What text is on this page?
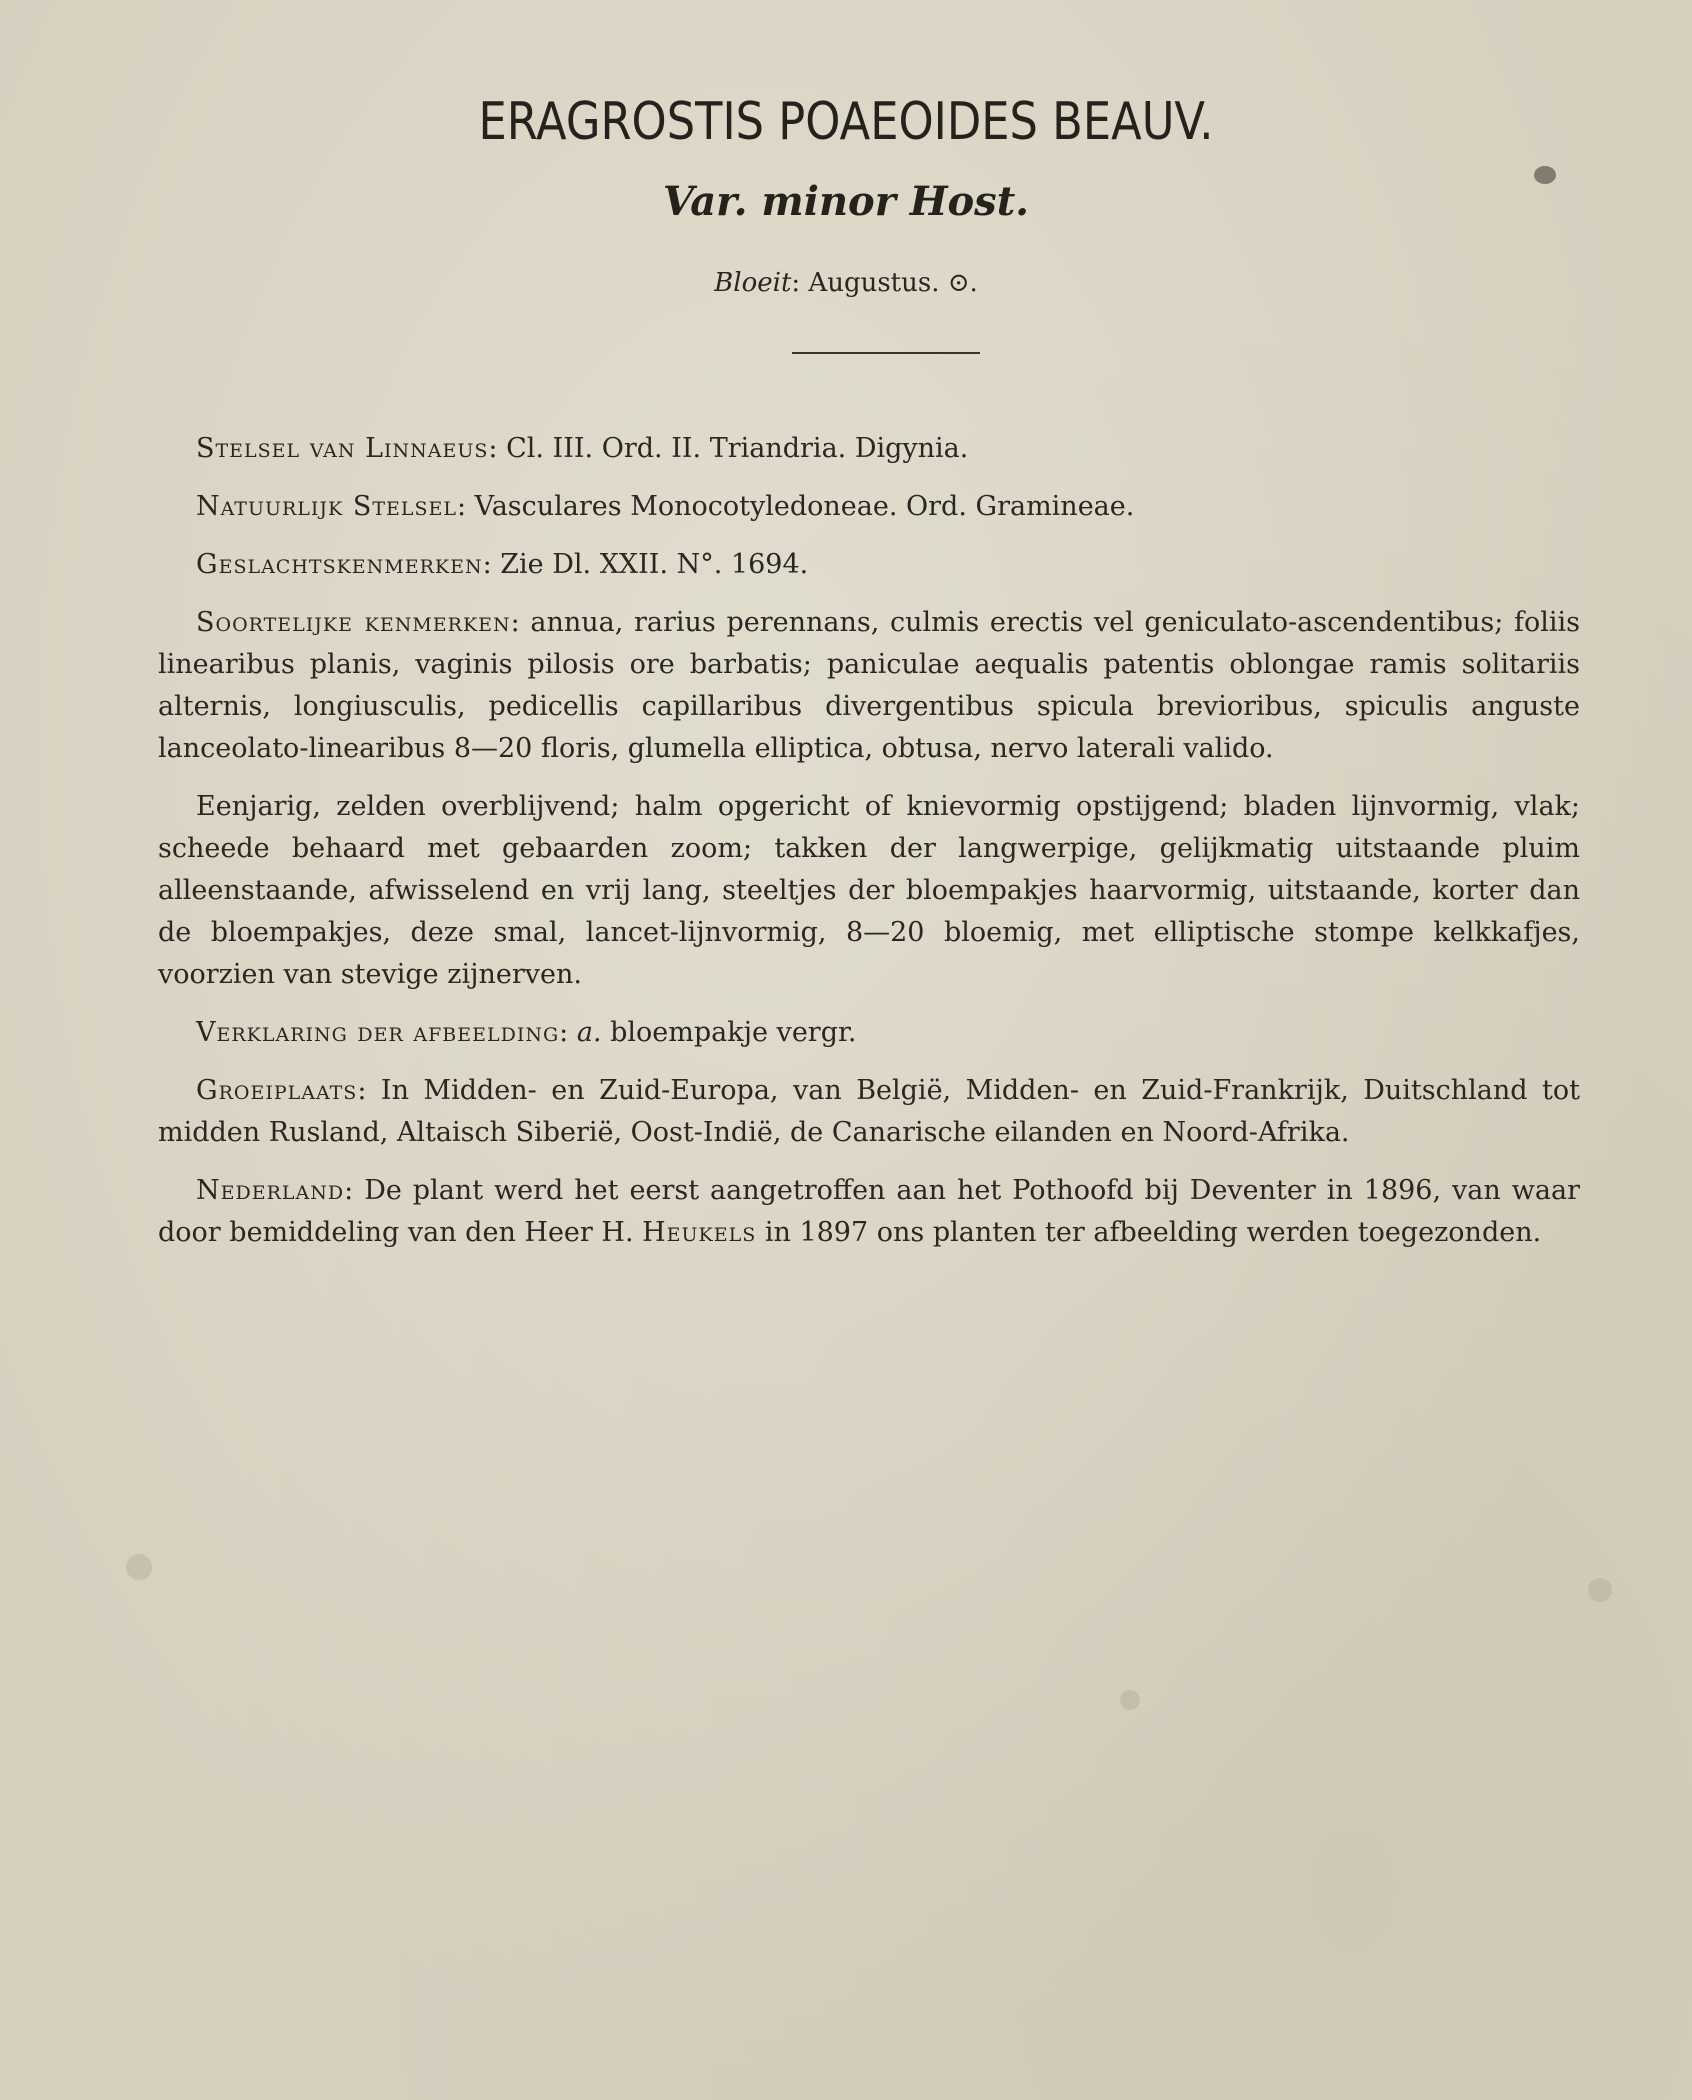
ERAGROSTIS POAEOIDES BEAUV.
Var. minor Host.
Bloeit: Augustus. ⊙.

Stelsel van Linnaeus: Cl. III. Ord. II. Triandria. Digynia.

Natuurlijk Stelsel: Vasculares Monocotyledoneae. Ord. Gramineae.

Geslachtskenmerken: Zie Dl. XXII. N°. 1694.

Soortelijke kenmerken: annua, rarius perennans, culmis erectis vel geniculato-ascendentibus; foliis linearibus planis, vaginis pilosis ore barbatis; paniculae aequalis patentis oblongae ramis solitariis alternis, longiusculis, pedicellis capillaribus divergentibus spicula brevioribus, spiculis anguste lanceolato-linearibus 8—20 floris, glumella elliptica, obtusa, nervo laterali valido.

Eenjarig, zelden overblijvend; halm opgericht of knievormig opstijgend; bladen lijnvormig, vlak; scheede behaard met gebaarden zoom; takken der langwerpige, gelijkmatig uitstaande pluim alleenstaande, afwisselend en vrij lang, steeltjes der bloempakjes haarvormig, uitstaande, korter dan de bloempakjes, deze smal, lancet-lijnvormig, 8—20 bloemig, met elliptische stompe kelkkafjes, voorzien van stevige zijnerven.

Verklaring der afbeelding: a. bloempakje vergr.

Groeiplaats: In Midden- en Zuid-Europa, van België, Midden- en Zuid-Frankrijk, Duitschland tot midden Rusland, Altaisch Siberië, Oost-Indië, de Canarische eilanden en Noord-Afrika.

Nederland: De plant werd het eerst aangetroffen aan het Pothoofd bij Deventer in 1896, van waar door bemiddeling van den Heer H. Heukels in 1897 ons planten ter afbeelding werden toegezonden.
